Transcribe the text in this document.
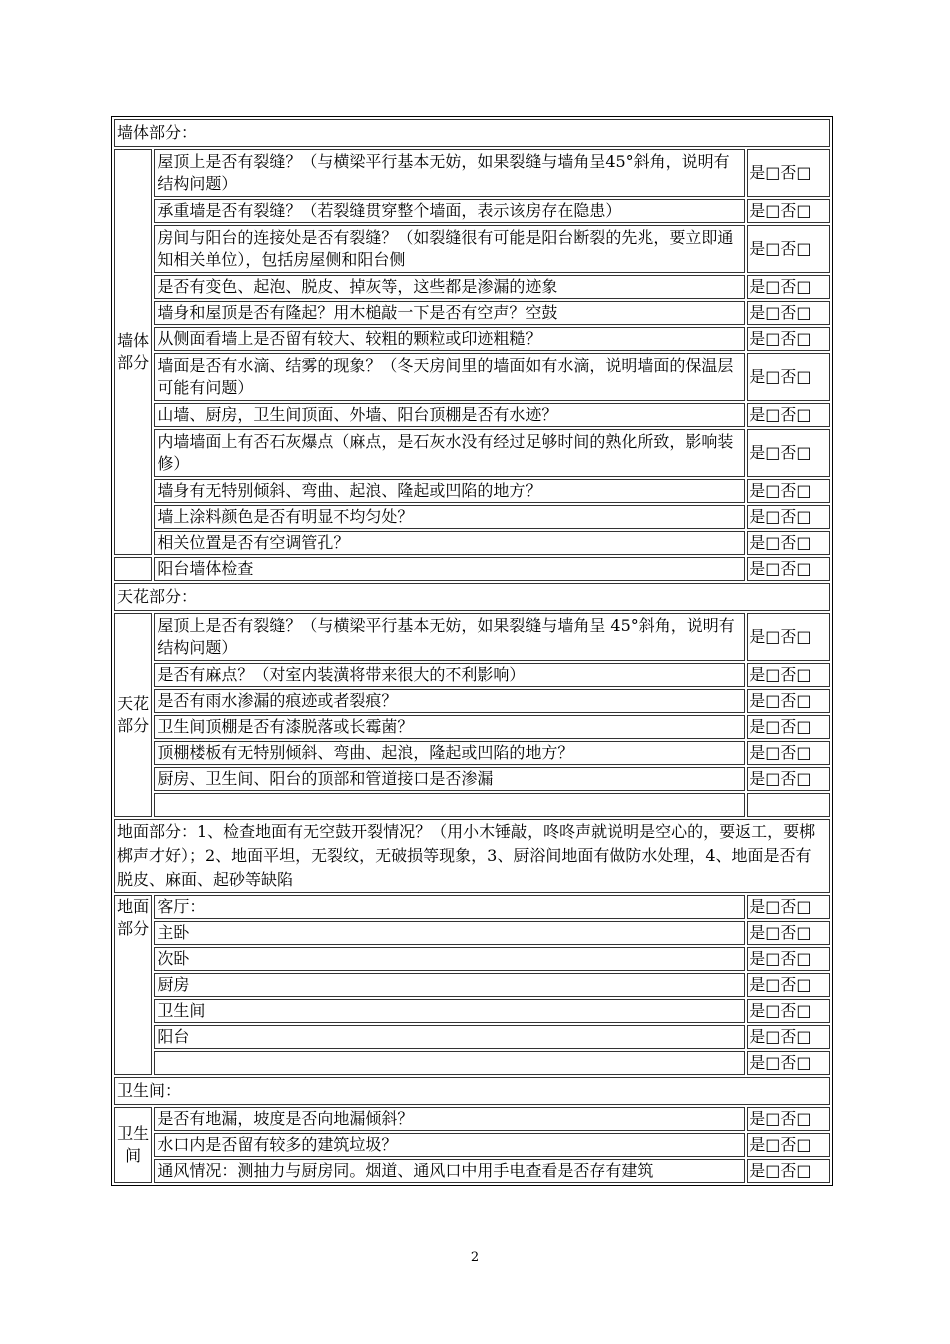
墙体部分：		
墙体部分	屋顶上是否有裂缝？（与横梁平行基本无妨，如果裂缝与墙角呈45°斜角，说明有结构问题）	是□否□
	承重墙是否有裂缝？（若裂缝贯穿整个墙面，表示该房存在隐患）	是□否□
	房间与阳台的连接处是否有裂缝？（如裂缝很有可能是阳台断裂的先兆，要立即通知相关单位），包括房屋侧和阳台侧	是□否□
	是否有变色、起泡、脱皮、掉灰等，这些都是渗漏的迹象	是□否□
	墙身和屋顶是否有隆起？用木槌敲一下是否有空声？空鼓	是□否□
	从侧面看墙上是否留有较大、较粗的颗粒或印迹粗糙？	是□否□
	墙面是否有水滴、结雾的现象？（冬天房间里的墙面如有水滴，说明墙面的保温层可能有问题）	是□否□
	山墙、厨房，卫生间顶面、外墙、阳台顶棚是否有水迹？	是□否□
	内墙墙面上有否石灰爆点（麻点，是石灰水没有经过足够时间的熟化所致，影响装修）	是□否□
	墙身有无特别倾斜、弯曲、起浪、隆起或凹陷的地方？	是□否□
	墙上涂料颜色是否有明显不均匀处？	是□否□
	相关位置是否有空调管孔？	是□否□
	阳台墙体检查	是□否□
天花部分：		
天花部分	屋顶上是否有裂缝？（与横梁平行基本无妨，如果裂缝与墙角呈 45°斜角，说明有结构问题）	是□否□
	是否有麻点？（对室内装潢将带来很大的不利影响）	是□否□
	是否有雨水渗漏的痕迹或者裂痕？	是□否□
	卫生间顶棚是否有漆脱落或长霉菌？	是□否□
	顶棚楼板有无特别倾斜、弯曲、起浪，隆起或凹陷的地方？	是□否□
	厨房、卫生间、阳台的顶部和管道接口是否渗漏	是□否□

地面部分：1、检查地面有无空鼓开裂情况？（用小木锤敲，咚咚声就说明是空心的，要返工，要梆梆声才好）；2、地面平坦，无裂纹，无破损等现象，3、厨浴间地面有做防水处理，4、地面是否有脱皮、麻面、起砂等缺陷		
地面部分	客厅：	是□否□
	主卧	是□否□
	次卧	是□否□
	厨房	是□否□
	卫生间	是□否□
	阳台	是□否□
		是□否□
卫生间：		
卫生间	是否有地漏，坡度是否向地漏倾斜？	是□否□
	水口内是否留有较多的建筑垃圾？	是□否□
	通风情况：测抽力与厨房同。烟道、通风口中用手电查看是否存有建筑	是□否□
2
